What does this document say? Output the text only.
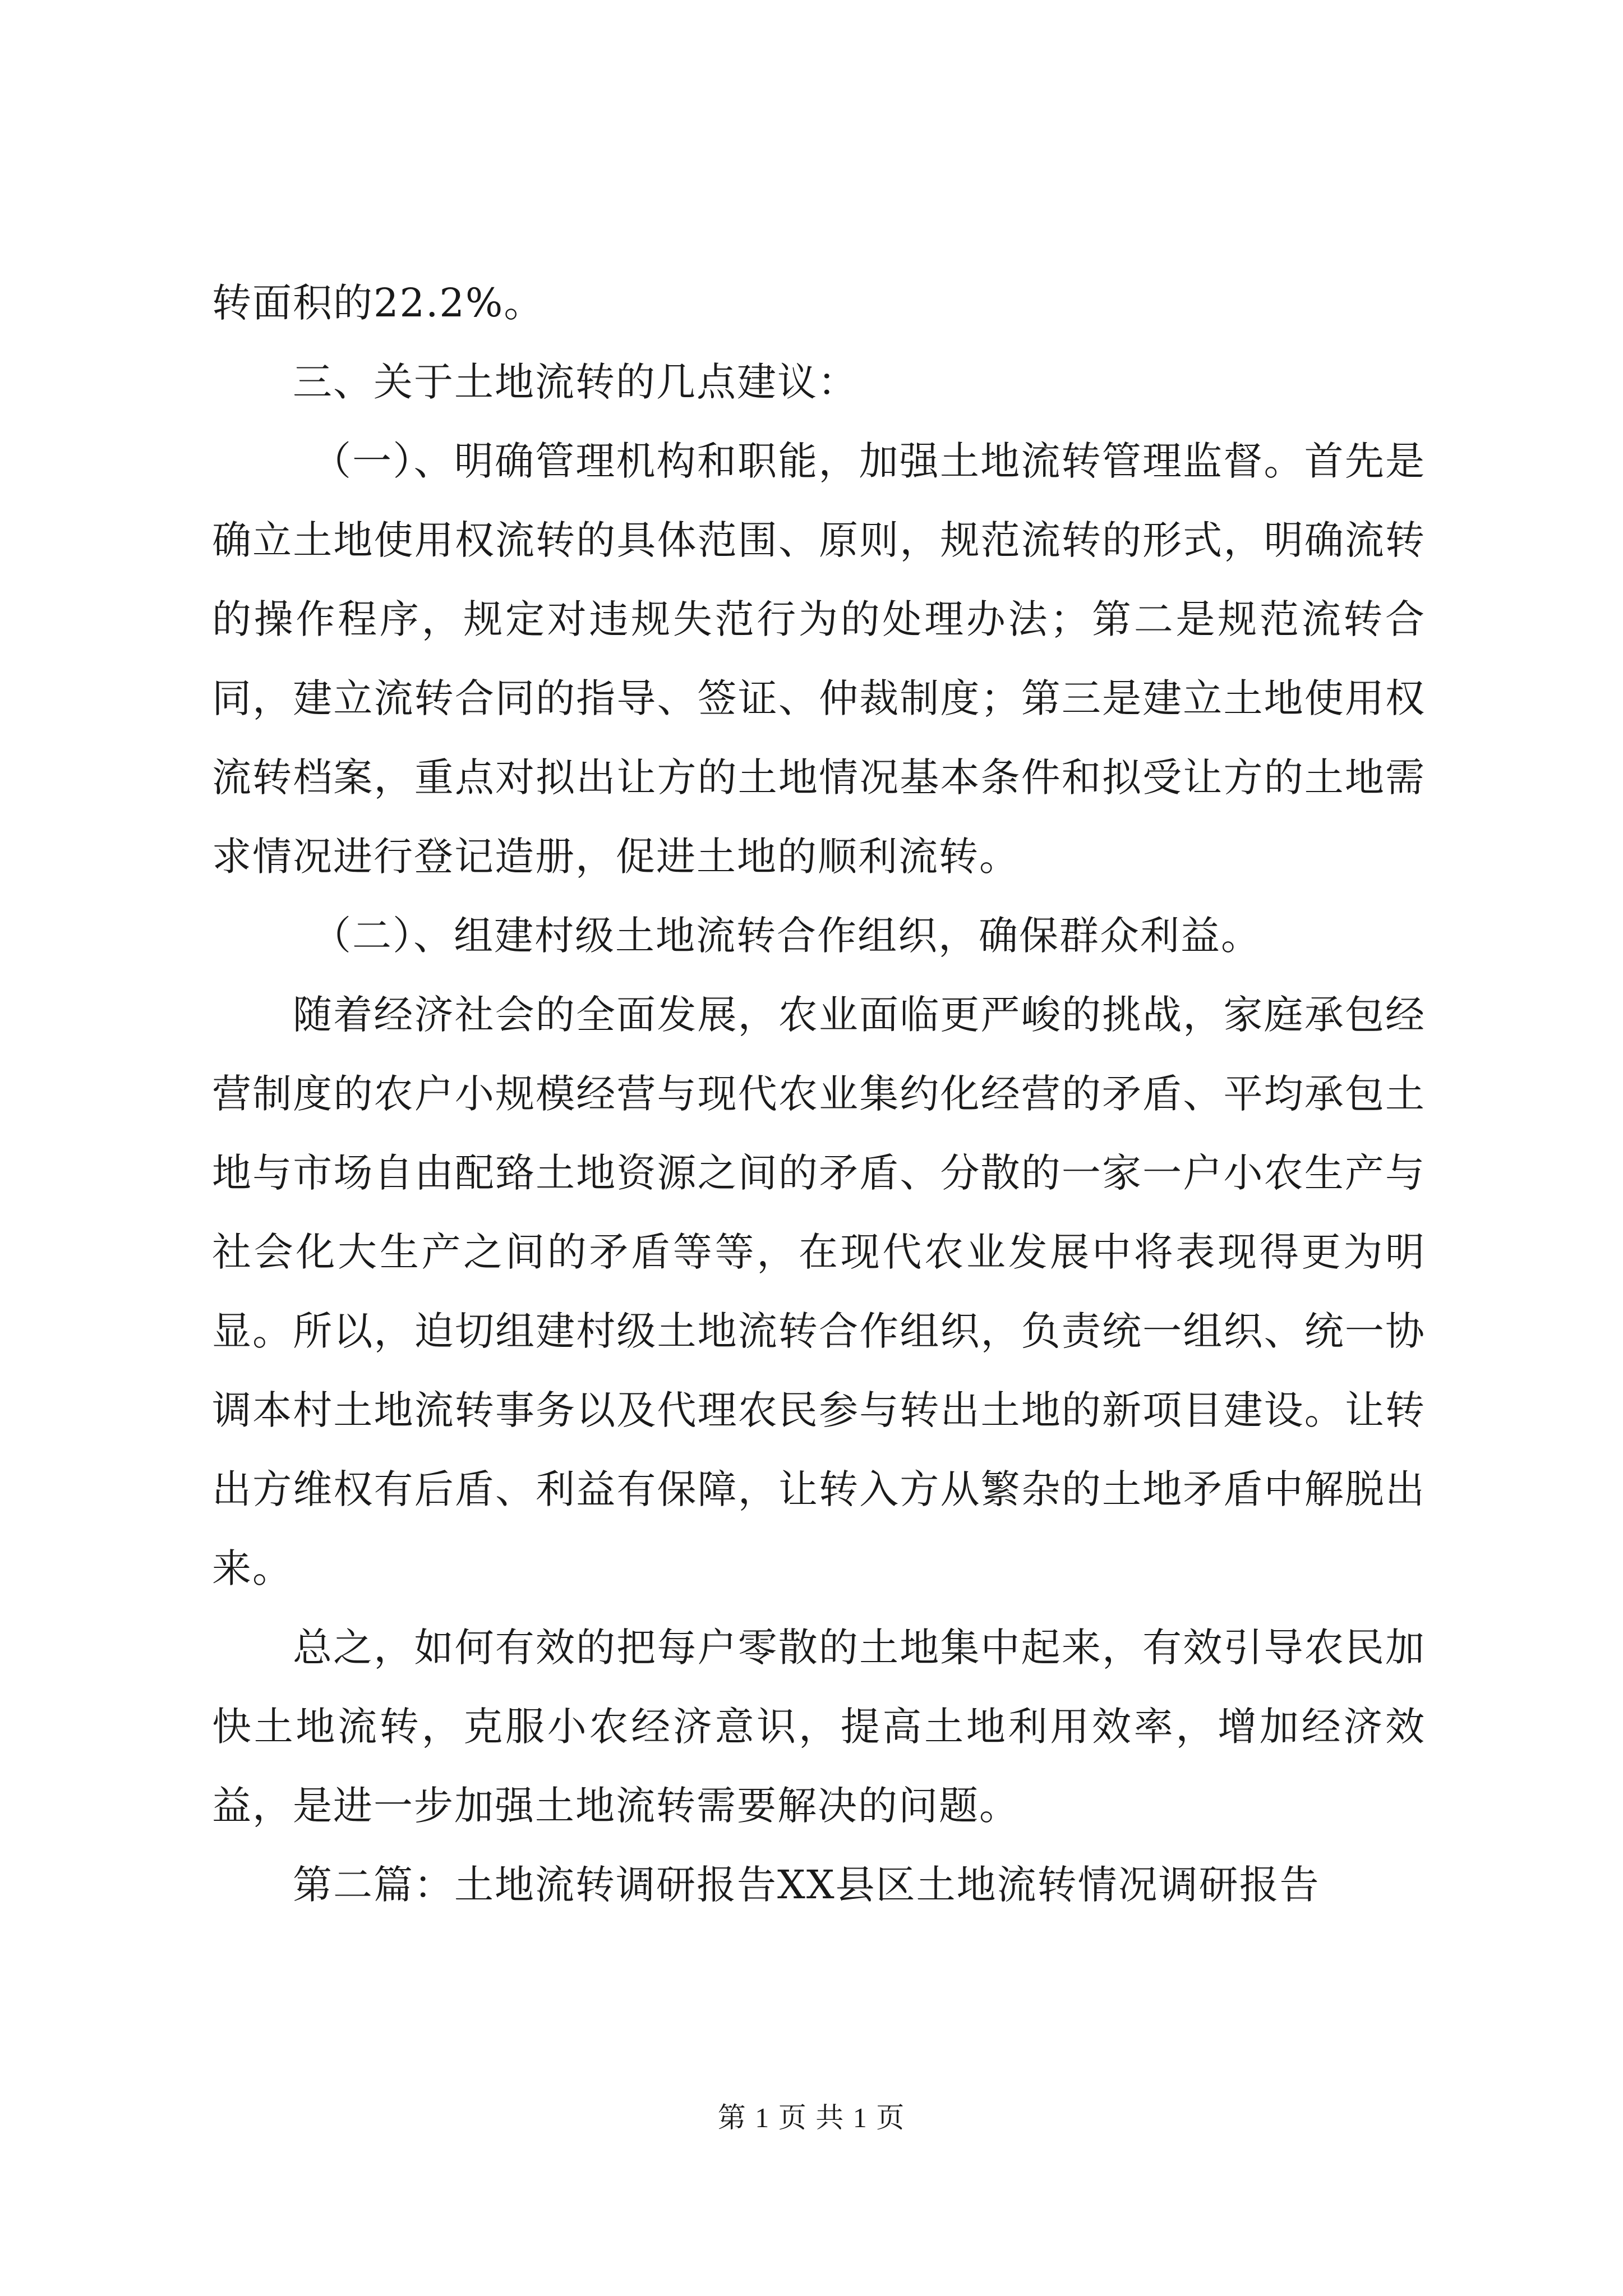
转面积的22.2%。

三、关于土地流转的几点建议：

（一）、明确管理机构和职能，加强土地流转管理监督。首先是确立土地使用权流转的具体范围、原则，规范流转的形式，明确流转的操作程序，规定对违规失范行为的处理办法；第二是规范流转合同，建立流转合同的指导、签证、仲裁制度；第三是建立土地使用权流转档案，重点对拟出让方的土地情况基本条件和拟受让方的土地需求情况进行登记造册，促进土地的顺利流转。

（二）、组建村级土地流转合作组织，确保群众利益。

随着经济社会的全面发展，农业面临更严峻的挑战，家庭承包经营制度的农户小规模经营与现代农业集约化经营的矛盾、平均承包土地与市场自由配臵土地资源之间的矛盾、分散的一家一户小农生产与社会化大生产之间的矛盾等等，在现代农业发展中将表现得更为明显。所以，迫切组建村级土地流转合作组织，负责统一组织、统一协调本村土地流转事务以及代理农民参与转出土地的新项目建设。让转出方维权有后盾、利益有保障，让转入方从繁杂的土地矛盾中解脱出来。

总之，如何有效的把每户零散的土地集中起来，有效引导农民加快土地流转，克服小农经济意识，提高土地利用效率，增加经济效益，是进一步加强土地流转需要解决的问题。

第二篇：土地流转调研报告XX县区土地流转情况调研报告

第 1 页 共 1 页
